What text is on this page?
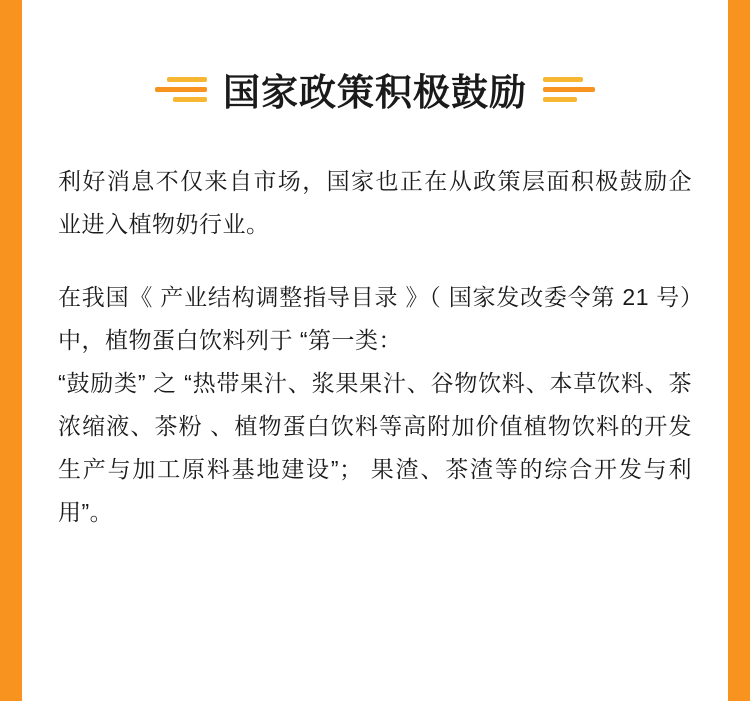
国家政策积极鼓励

利好消息不仅来自市场，国家也正在从政策层面积极鼓励企业进入植物奶行业。

在我国《 产业结构调整指导目录 》（ 国家发改委令第 21 号）中，植物蛋白饮料列于 “第一类：

“鼓励类” 之 “热带果汁、浆果果汁、谷物饮料、本草饮料、茶浓缩液、茶粉 、植物蛋白饮料等高附加价值植物饮料的开发生产与加工原料基地建设”； 果渣、茶渣等的综合开发与利用”。
